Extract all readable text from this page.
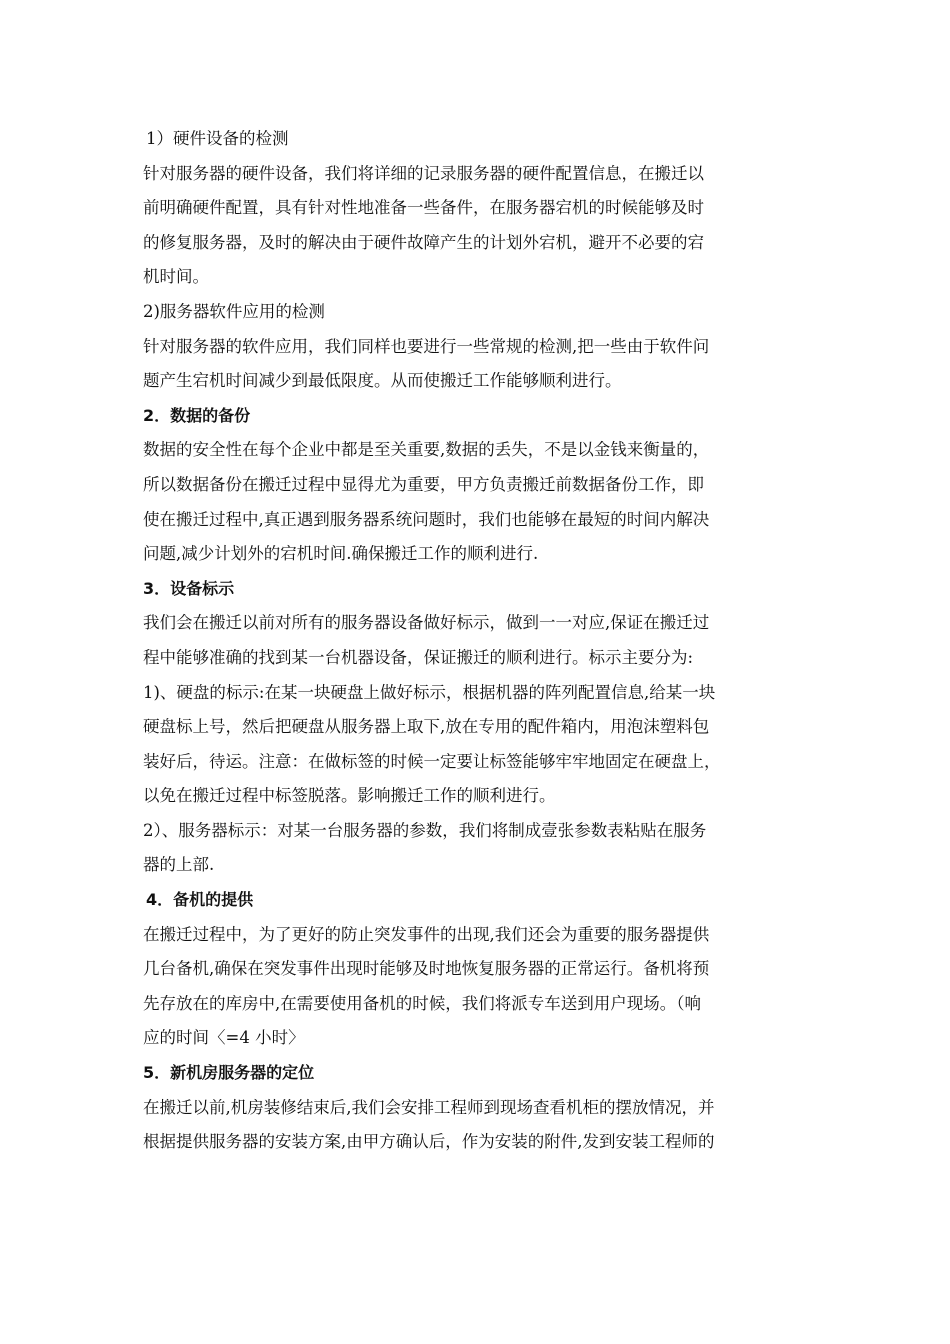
1）硬件设备的检测
针对服务器的硬件设备，我们将详细的记录服务器的硬件配置信息，在搬迁以
前明确硬件配置，具有针对性地准备一些备件，在服务器宕机的时候能够及时
的修复服务器，及时的解决由于硬件故障产生的计划外宕机，避开不必要的宕
机时间。
2)服务器软件应用的检测
针对服务器的软件应用，我们同样也要进行一些常规的检测,把一些由于软件问
题产生宕机时间减少到最低限度。从而使搬迁工作能够顺利进行。
2．数据的备份
数据的安全性在每个企业中都是至关重要,数据的丢失，不是以金钱来衡量的，
所以数据备份在搬迁过程中显得尤为重要，甲方负责搬迁前数据备份工作，即
使在搬迁过程中,真正遇到服务器系统问题时，我们也能够在最短的时间内解决
问题,减少计划外的宕机时间.确保搬迁工作的顺利进行.
3．设备标示
我们会在搬迁以前对所有的服务器设备做好标示，做到一一对应,保证在搬迁过
程中能够准确的找到某一台机器设备，保证搬迁的顺利进行。标示主要分为:
1)、硬盘的标示:在某一块硬盘上做好标示，根据机器的阵列配置信息,给某一块
硬盘标上号，然后把硬盘从服务器上取下,放在专用的配件箱内，用泡沫塑料包
装好后，待运。注意：在做标签的时候一定要让标签能够牢牢地固定在硬盘上，
以免在搬迁过程中标签脱落。影响搬迁工作的顺利进行。
2）、服务器标示：对某一台服务器的参数，我们将制成壹张参数表粘贴在服务
器的上部.
4．备机的提供
在搬迁过程中，为了更好的防止突发事件的出现,我们还会为重要的服务器提供
几台备机,确保在突发事件出现时能够及时地恢复服务器的正常运行。备机将预
先存放在的库房中,在需要使用备机的时候，我们将派专车送到用户现场。（响
应的时间〈=4 小时〉
5．新机房服务器的定位
在搬迁以前,机房装修结束后,我们会安排工程师到现场查看机柜的摆放情况，并
根据提供服务器的安装方案,由甲方确认后，作为安装的附件,发到安装工程师的
